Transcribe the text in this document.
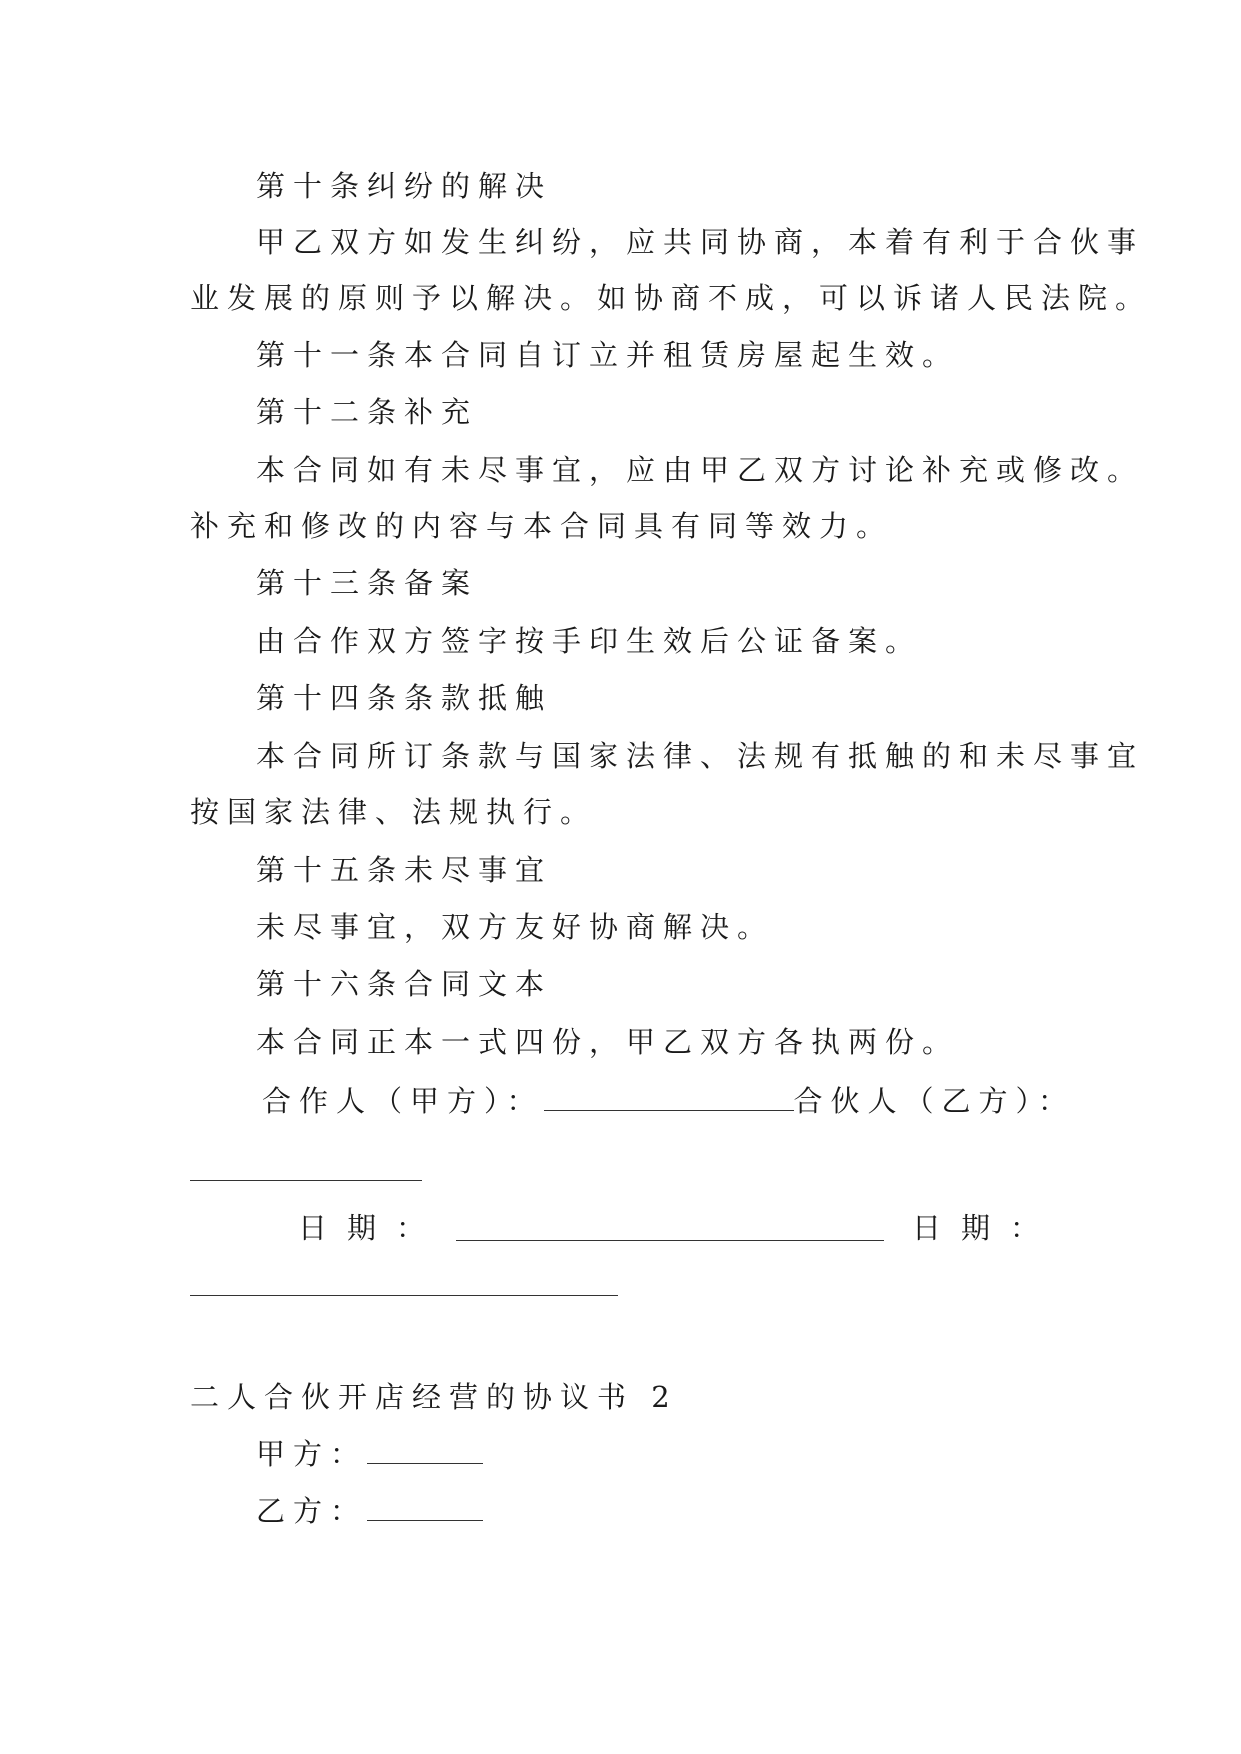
第十条纠纷的解决
甲乙双方如发生纠纷，应共同协商，本着有利于合伙事
业发展的原则予以解决。如协商不成，可以诉诸人民法院。
第十一条本合同自订立并租赁房屋起生效。
第十二条补充
本合同如有未尽事宜，应由甲乙双方讨论补充或修改。
补充和修改的内容与本合同具有同等效力。
第十三条备案
由合作双方签字按手印生效后公证备案。
第十四条条款抵触
本合同所订条款与国家法律、法规有抵触的和未尽事宜
按国家法律、法规执行。
第十五条未尽事宜
未尽事宜，双方友好协商解决。
第十六条合同文本
本合同正本一式四份，甲乙双方各执两份。
合作人（甲方）：	合伙人（乙方）：
日期：	日期：
二人合伙开店经营的协议书 2
甲方：
乙方：
